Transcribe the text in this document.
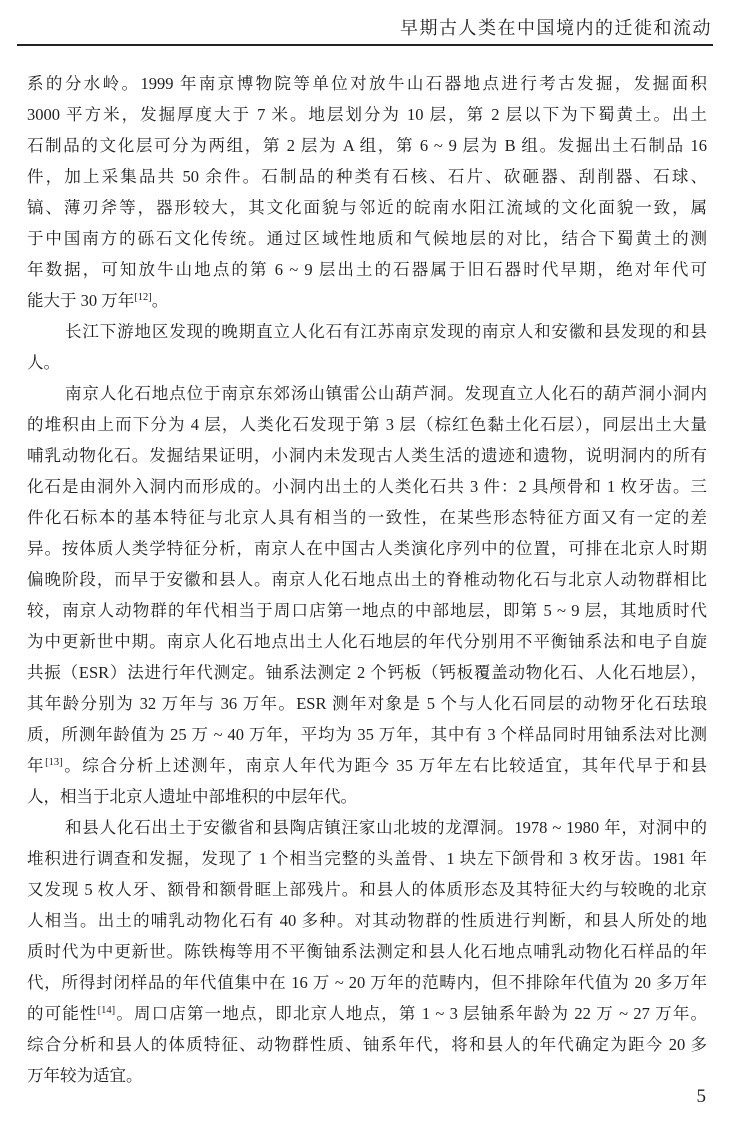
早期古人类在中国境内的迁徙和流动
系的分水岭。1999 年南京博物院等单位对放牛山石器地点进行考古发掘，发掘面积
3000 平方米，发掘厚度大于 7 米。地层划分为 10 层，第 2 层以下为下蜀黄土。出土
石制品的文化层可分为两组，第 2 层为 A 组，第 6 ~ 9 层为 B 组。发掘出土石制品 16
件，加上采集品共 50 余件。石制品的种类有石核、石片、砍砸器、刮削器、石球、
镐、薄刃斧等，器形较大，其文化面貌与邻近的皖南水阳江流域的文化面貌一致，属
于中国南方的砾石文化传统。通过区域性地质和气候地层的对比，结合下蜀黄土的测
年数据，可知放牛山地点的第 6 ~ 9 层出土的石器属于旧石器时代早期，绝对年代可
能大于 30 万年[12]。
长江下游地区发现的晚期直立人化石有江苏南京发现的南京人和安徽和县发现的和县
人。
南京人化石地点位于南京东郊汤山镇雷公山葫芦洞。发现直立人化石的葫芦洞小洞内
的堆积由上而下分为 4 层，人类化石发现于第 3 层（棕红色黏土化石层），同层出土大量
哺乳动物化石。发掘结果证明，小洞内未发现古人类生活的遗迹和遗物，说明洞内的所有
化石是由洞外入洞内而形成的。小洞内出土的人类化石共 3 件：2 具颅骨和 1 枚牙齿。三
件化石标本的基本特征与北京人具有相当的一致性，在某些形态特征方面又有一定的差
异。按体质人类学特征分析，南京人在中国古人类演化序列中的位置，可排在北京人时期
偏晚阶段，而早于安徽和县人。南京人化石地点出土的脊椎动物化石与北京人动物群相比
较，南京人动物群的年代相当于周口店第一地点的中部地层，即第 5 ~ 9 层，其地质时代
为中更新世中期。南京人化石地点出土人化石地层的年代分别用不平衡铀系法和电子自旋
共振（ESR）法进行年代测定。铀系法测定 2 个钙板（钙板覆盖动物化石、人化石地层），
其年龄分别为 32 万年与 36 万年。ESR 测年对象是 5 个与人化石同层的动物牙化石珐琅
质，所测年龄值为 25 万 ~ 40 万年，平均为 35 万年，其中有 3 个样品同时用铀系法对比测
年[13]。综合分析上述测年，南京人年代为距今 35 万年左右比较适宜，其年代早于和县
人，相当于北京人遗址中部堆积的中层年代。
和县人化石出土于安徽省和县陶店镇汪家山北坡的龙潭洞。1978 ~ 1980 年，对洞中的
堆积进行调查和发掘，发现了 1 个相当完整的头盖骨、1 块左下颌骨和 3 枚牙齿。1981 年
又发现 5 枚人牙、额骨和额骨眶上部残片。和县人的体质形态及其特征大约与较晚的北京
人相当。出土的哺乳动物化石有 40 多种。对其动物群的性质进行判断，和县人所处的地
质时代为中更新世。陈铁梅等用不平衡铀系法测定和县人化石地点哺乳动物化石样品的年
代，所得封闭样品的年代值集中在 16 万 ~ 20 万年的范畴内，但不排除年代值为 20 多万年
的可能性[14]。周口店第一地点，即北京人地点，第 1 ~ 3 层铀系年龄为 22 万 ~ 27 万年。
综合分析和县人的体质特征、动物群性质、铀系年代，将和县人的年代确定为距今 20 多
万年较为适宜。
5
